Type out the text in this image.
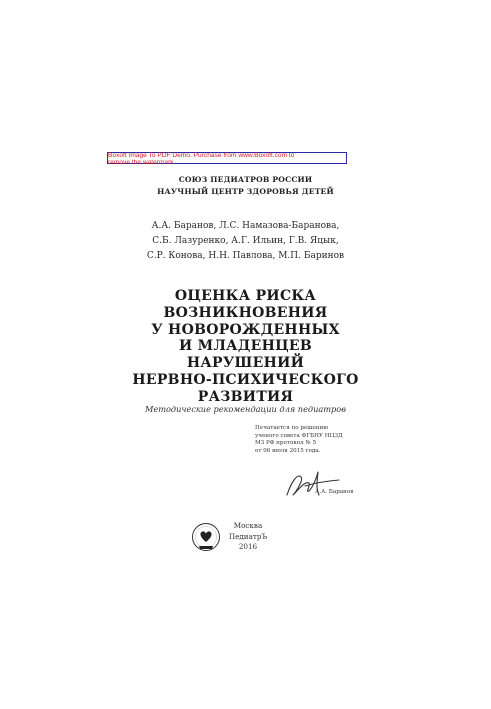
Boxoft Image To PDF Demo. Purchase from www.Boxoft.com to
remove the watermark
СОЮЗ ПЕДИАТРОВ РОССИИ
НАУЧНЫЙ ЦЕНТР ЗДОРОВЬЯ ДЕТЕЙ
А.А. Баранов, Л.С. Намазова-Баранова,
С.Б. Лазуренко, А.Г. Ильин, Г.В. Яцык,
С.Р. Конова, Н.Н. Павлова, М.П. Баринов
ОЦЕНКА РИСКА
ВОЗНИКНОВЕНИЯ
У НОВОРОЖДЕННЫХ
И МЛАДЕНЦЕВ
НАРУШЕНИЙ
НЕРВНО-ПСИХИЧЕСКОГО
РАЗВИТИЯ
Методические рекомендации для педиатров
Печатается по решению
ученого совета ФГБНУ НЦЗД
МЗ РФ протокол № 5
от 06 июля 2015 года.
А.А. Баранов
Москва
ПедиатрЪ
2016
